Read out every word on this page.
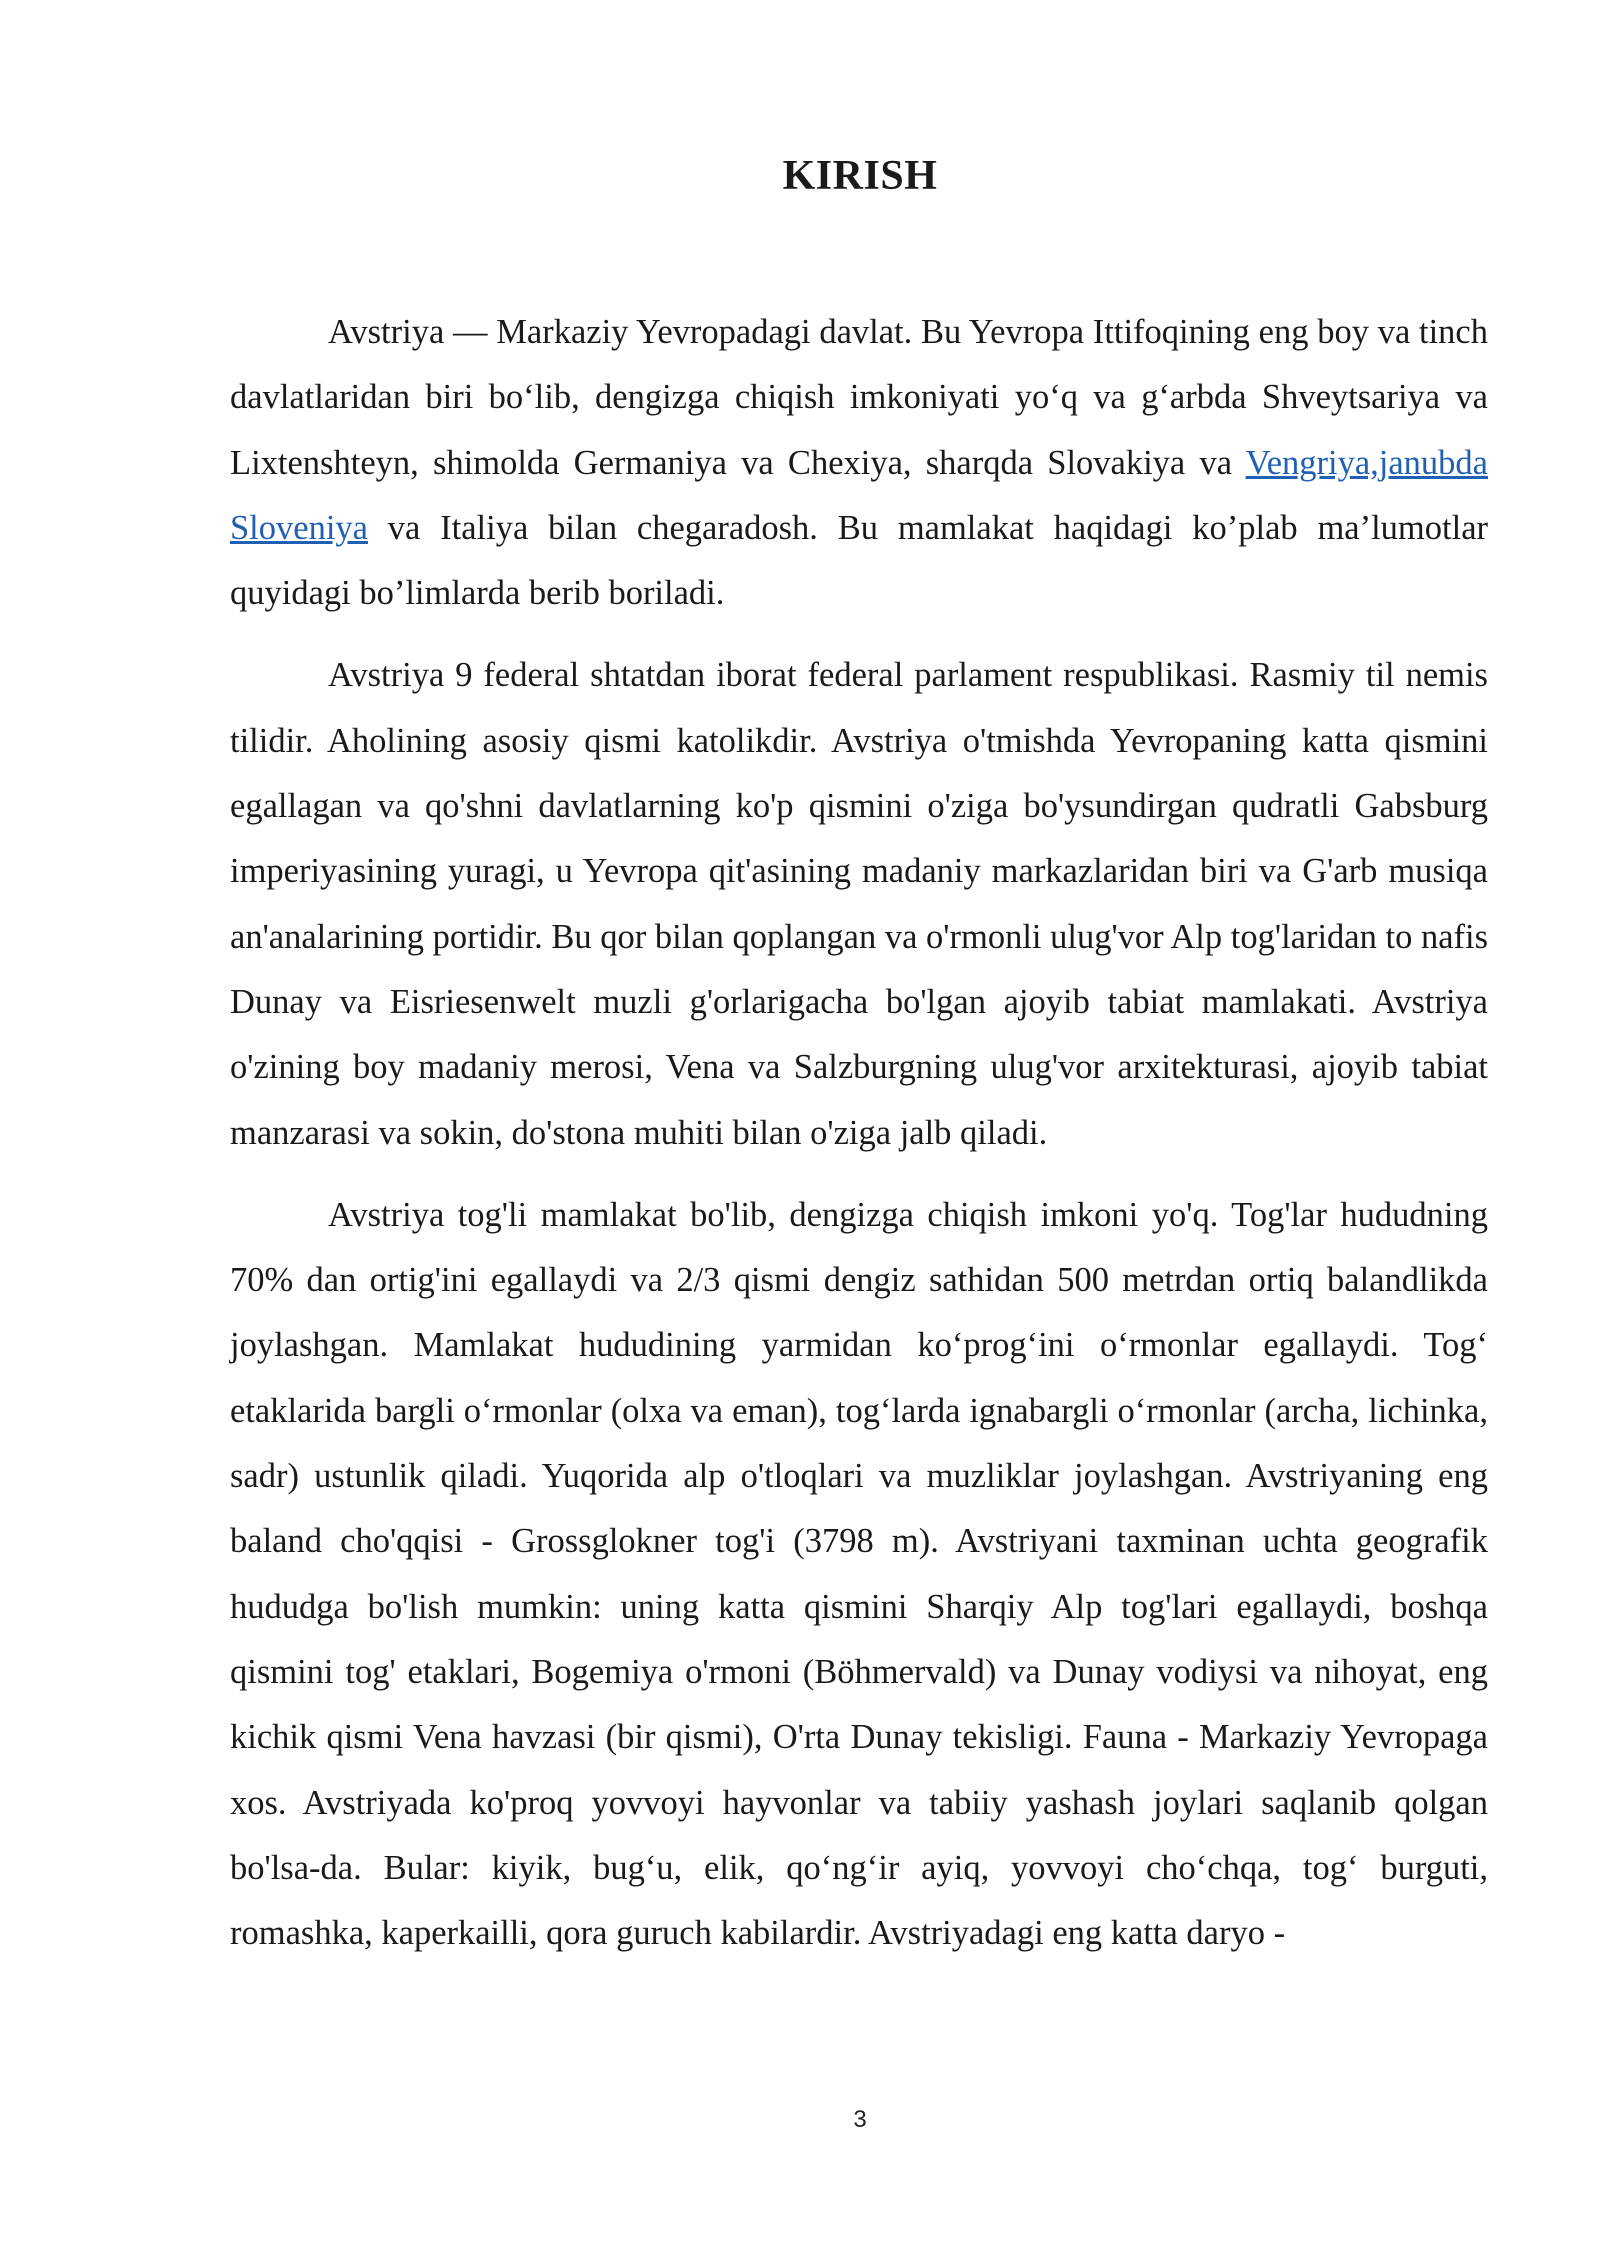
KIRISH

Avstriya — Markaziy Yevropadagi davlat. Bu Yevropa Ittifoqining eng boy va tinch davlatlaridan biri boʻlib, dengizga chiqish imkoniyati yoʻq va gʻarbda Shveytsariya va Lixtenshteyn, shimolda Germaniya va Chexiya, sharqda Slovakiya va Vengriya,janubda Sloveniya va Italiya bilan chegaradosh. Bu mamlakat haqidagi ko’plab ma’lumotlar quyidagi bo’limlarda berib boriladi.

Avstriya 9 federal shtatdan iborat federal parlament respublikasi. Rasmiy til nemis tilidir. Aholining asosiy qismi katolikdir. Avstriya o'tmishda Yevropaning katta qismini egallagan va qo'shni davlatlarning ko'p qismini o'ziga bo'ysundirgan qudratli Gabsburg imperiyasining yuragi, u Yevropa qit'asining madaniy markazlaridan biri va G'arb musiqa an'analarining portidir. Bu qor bilan qoplangan va o'rmonli ulug'vor Alp tog'laridan to nafis Dunay va Eisriesenwelt muzli g'orlarigacha bo'lgan ajoyib tabiat mamlakati. Avstriya o'zining boy madaniy merosi, Vena va Salzburgning ulug'vor arxitekturasi, ajoyib tabiat manzarasi va sokin, do'stona muhiti bilan o'ziga jalb qiladi.

Avstriya tog'li mamlakat bo'lib, dengizga chiqish imkoni yo'q. Tog'lar hududning 70% dan ortig'ini egallaydi va 2/3 qismi dengiz sathidan 500 metrdan ortiq balandlikda joylashgan. Mamlakat hududining yarmidan koʻprogʻini oʻrmonlar egallaydi. Togʻ etaklarida bargli oʻrmonlar (olxa va eman), togʻlarda ignabargli oʻrmonlar (archa, lichinka, sadr) ustunlik qiladi. Yuqorida alp o'tloqlari va muzliklar joylashgan. Avstriyaning eng baland cho'qqisi - Grossglokner tog'i (3798 m). Avstriyani taxminan uchta geografik hududga bo'lish mumkin: uning katta qismini Sharqiy Alp tog'lari egallaydi, boshqa qismini tog' etaklari, Bogemiya o'rmoni (Böhmervald) va Dunay vodiysi va nihoyat, eng kichik qismi Vena havzasi (bir qismi), O'rta Dunay tekisligi. Fauna - Markaziy Yevropaga xos. Avstriyada ko'proq yovvoyi hayvonlar va tabiiy yashash joylari saqlanib qolgan bo'lsa-da. Bular: kiyik, bugʻu, elik, qoʻngʻir ayiq, yovvoyi choʻchqa, togʻ burguti, romashka, kaperkailli, qora guruch kabilardir. Avstriyadagi eng katta daryo -

3
